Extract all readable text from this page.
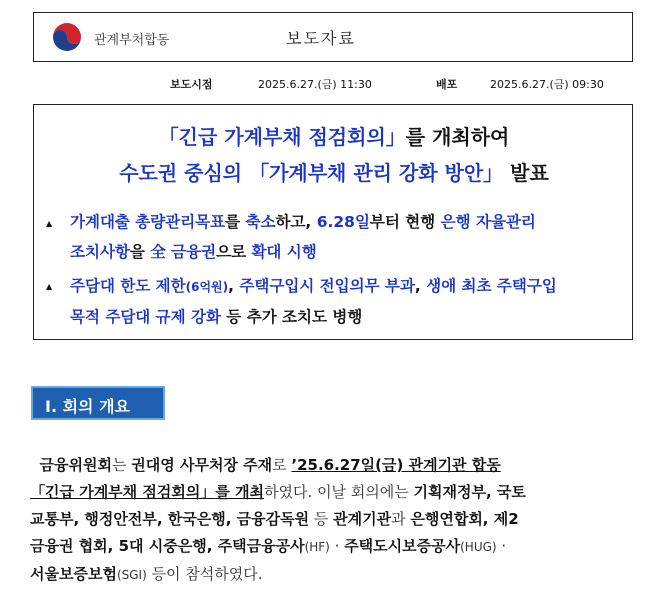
관계부처합동	보도자료
보도시점	2025.6.27.(금) 11:30	배포	2025.6.27.(금) 09:30
「긴급 가계부채 점검회의」를 개최하여
수도권 중심의 「가계부채 관리 강화 방안」 발표
▲ 가계대출 총량관리목표를 축소하고, 6.28일부터 현행 은행 자율관리
조치사항을 全 금융권으로 확대 시행
▲ 주담대 한도 제한(6억원), 주택구입시 전입의무 부과, 생애 최초 주택구입
목적 주담대 규제 강화 등 추가 조치도 병행
Ⅰ. 회의 개요
금융위원회는 권대영 사무처장 주재로 ’25.6.27일(금) 관계기관 합동
「긴급 가계부채 점검회의」를 개최하였다. 이날 회의에는 기획재정부, 국토
교통부, 행정안전부, 한국은행, 금융감독원 등 관계기관과 은행연합회, 제2
금융권 협회, 5대 시중은행, 주택금융공사(HF) · 주택도시보증공사(HUG) ·
서울보증보험(SGI) 등이 참석하였다.
